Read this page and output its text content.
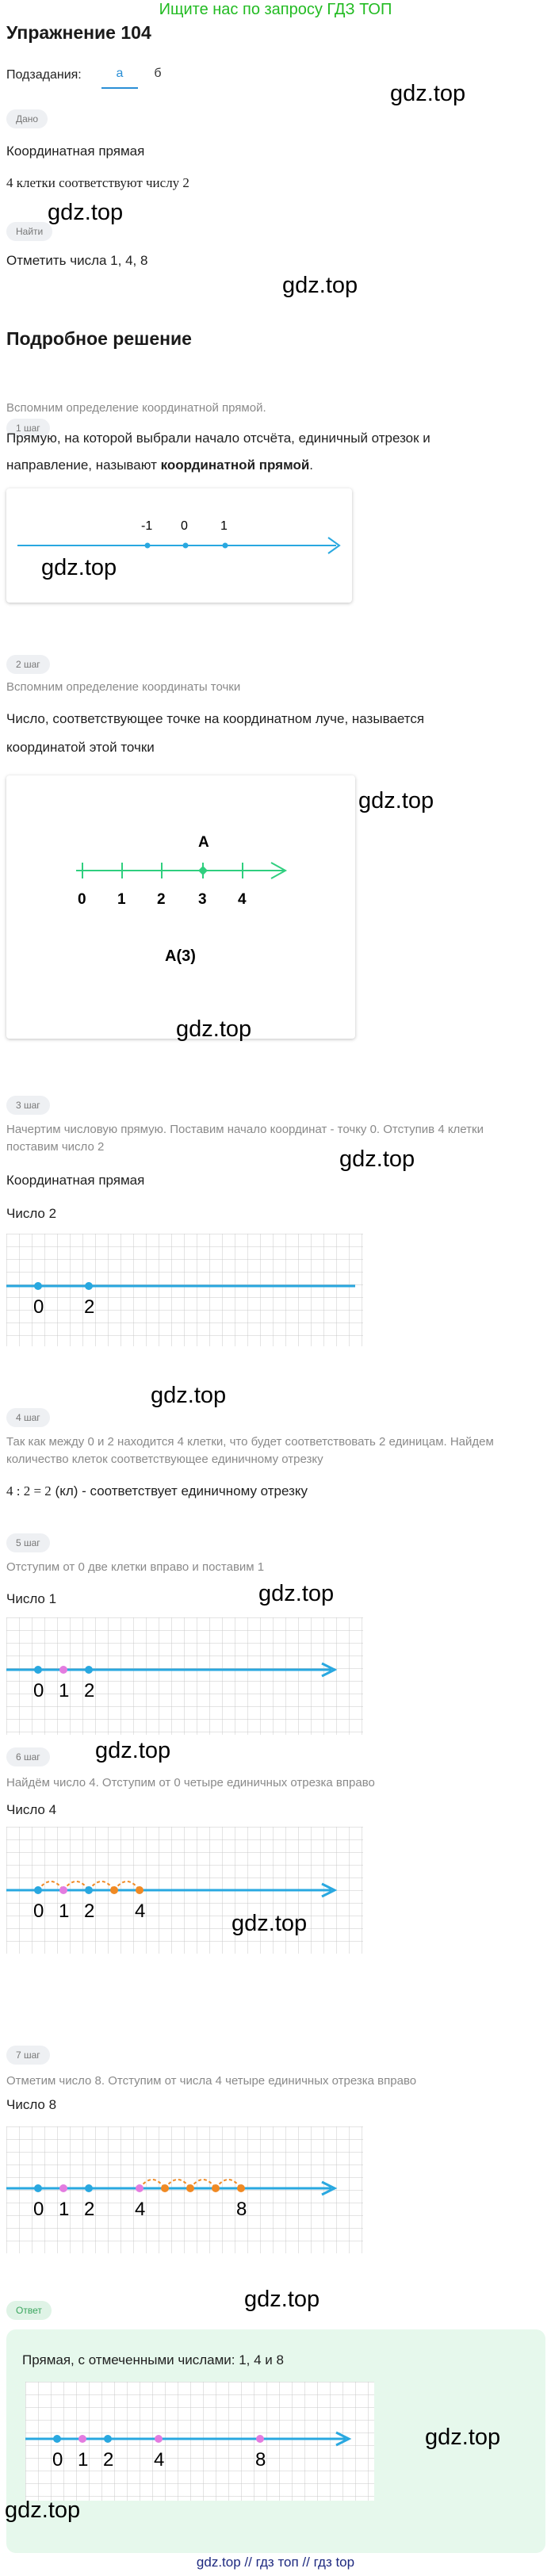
Ищите нас по запросу ГДЗ ТОП
Упражнение 104
Подзадания:	а	б
gdz.top
Дано
Координатная прямая
4 клетки соответствуют числу 2
gdz.top
Найти
Отметить числа 1, 4, 8
gdz.top
Подробное решение
1 шаг
Вспомним определение координатной прямой.
Прямую, на которой выбрали начало отсчёта, единичный отрезок и
направление, называют координатной прямой.
-1 0	1
gdz.top
2 шаг
Вспомним определение координаты точки
Число, соответствующее точке на координатном луче, называется
координатой этой точки
A
0 1 2 3 4
A(3)
gdz.top
gdz.top
3 шаг
Начертим числовую прямую. Поставим начало координат - точку 0. Отступив 4 клетки
поставим число 2	gdz.top
Координатная прямая
Число 2
0 2
gdz.top
4 шаг
Так как между 0 и 2 находится 4 клетки, что будет соответствовать 2 единицам. Найдем
количество клеток соответствующее единичному отрезку
4 : 2 = 2 (кл) - соответствует единичному отрезку
5 шаг
Отступим от 0 две клетки вправо и поставим 1
gdz.top
Число 1
0 1 2
6 шаг	gdz.top
Найдём число 4. Отступим от 0 четыре единичных отрезка вправо
Число 4
0 1 2 4	gdz.top
7 шаг
Отметим число 8. Отступим от числа 4 четыре единичных отрезка вправо
Число 8
0 1 2 4	8
gdz.top
Ответ
Прямая, с отмеченными числами: 1, 4 и 8
0 1 2 4	8
gdz.top
gdz.top
gdz.top // гдз топ // гдз top
